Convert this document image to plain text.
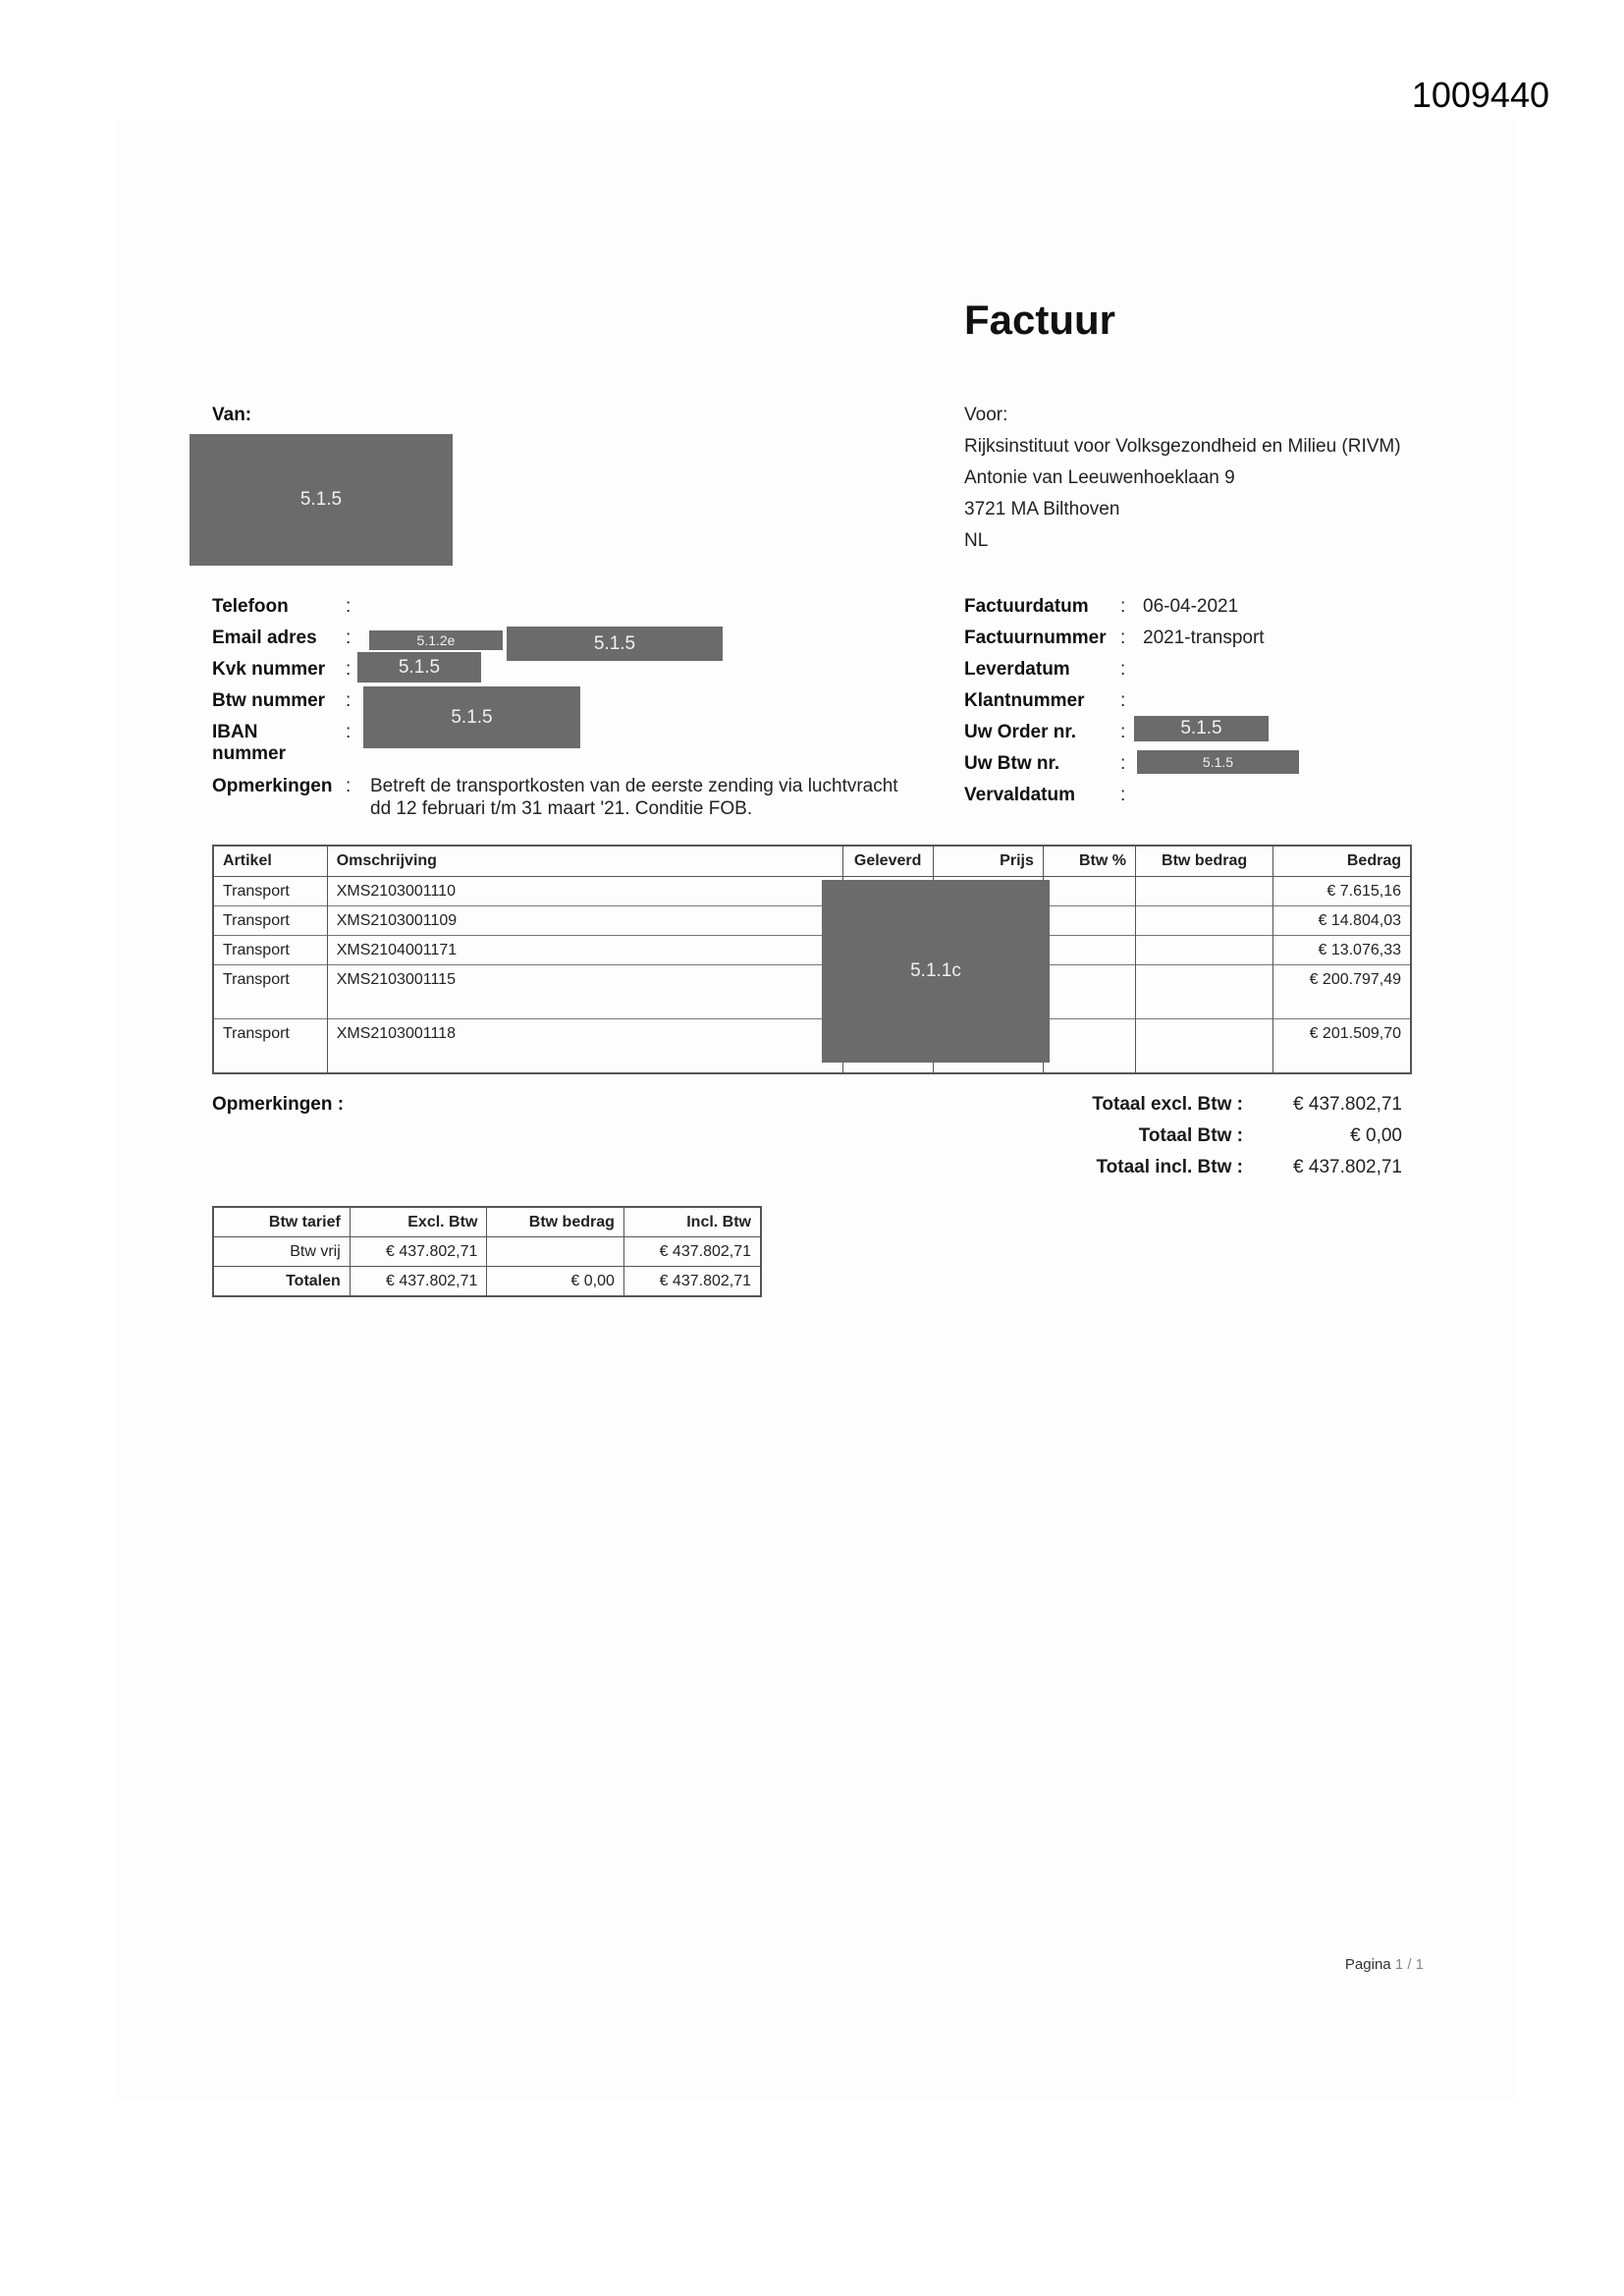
1009440
Factuur
Van:
5.1.5
Voor:
Rijksinstituut voor Volksgezondheid en Milieu (RIVM)
Antonie van Leeuwenhoeklaan 9
3721 MA Bilthoven
NL
Telefoon	:
Email adres :	5.1.2e	5.1.5
Kvk nummer :	5.1.5
Btw nummer :
5.1.5
IBAN
nummer
:
Opmerkingen : Betreft de transportkosten van de eerste zending via luchtvracht
dd 12 februari t/m 31 maart '21. Conditie FOB.
Factuurdatum : 06-04-2021
Factuurnummer : 2021-transport
Leverdatum	:
Klantnummer :
Uw Order nr. :	5.1.5
Uw Btw nr.	:	5.1.5
Vervaldatum :
Artikel	Omschrijving	Geleverd	Prijs	Btw %	Btw bedrag	Bedrag
Transport	XMS2103001110					€ 7.615,16
Transport	XMS2103001109					€ 14.804,03
Transport	XMS2104001171					€ 13.076,33
Transport	XMS2103001115					€ 200.797,49
Transport	XMS2103001118					€ 201.509,70
5.1.1c
Opmerkingen :	Totaal excl. Btw :	€ 437.802,71
Totaal Btw :	€ 0,00
Totaal incl. Btw :	€ 437.802,71
Btw tarief	Excl. Btw	Btw bedrag	Incl. Btw
Btw vrij	€ 437.802,71		€ 437.802,71
Totalen	€ 437.802,71	€ 0,00	€ 437.802,71
Pagina 1 / 1
